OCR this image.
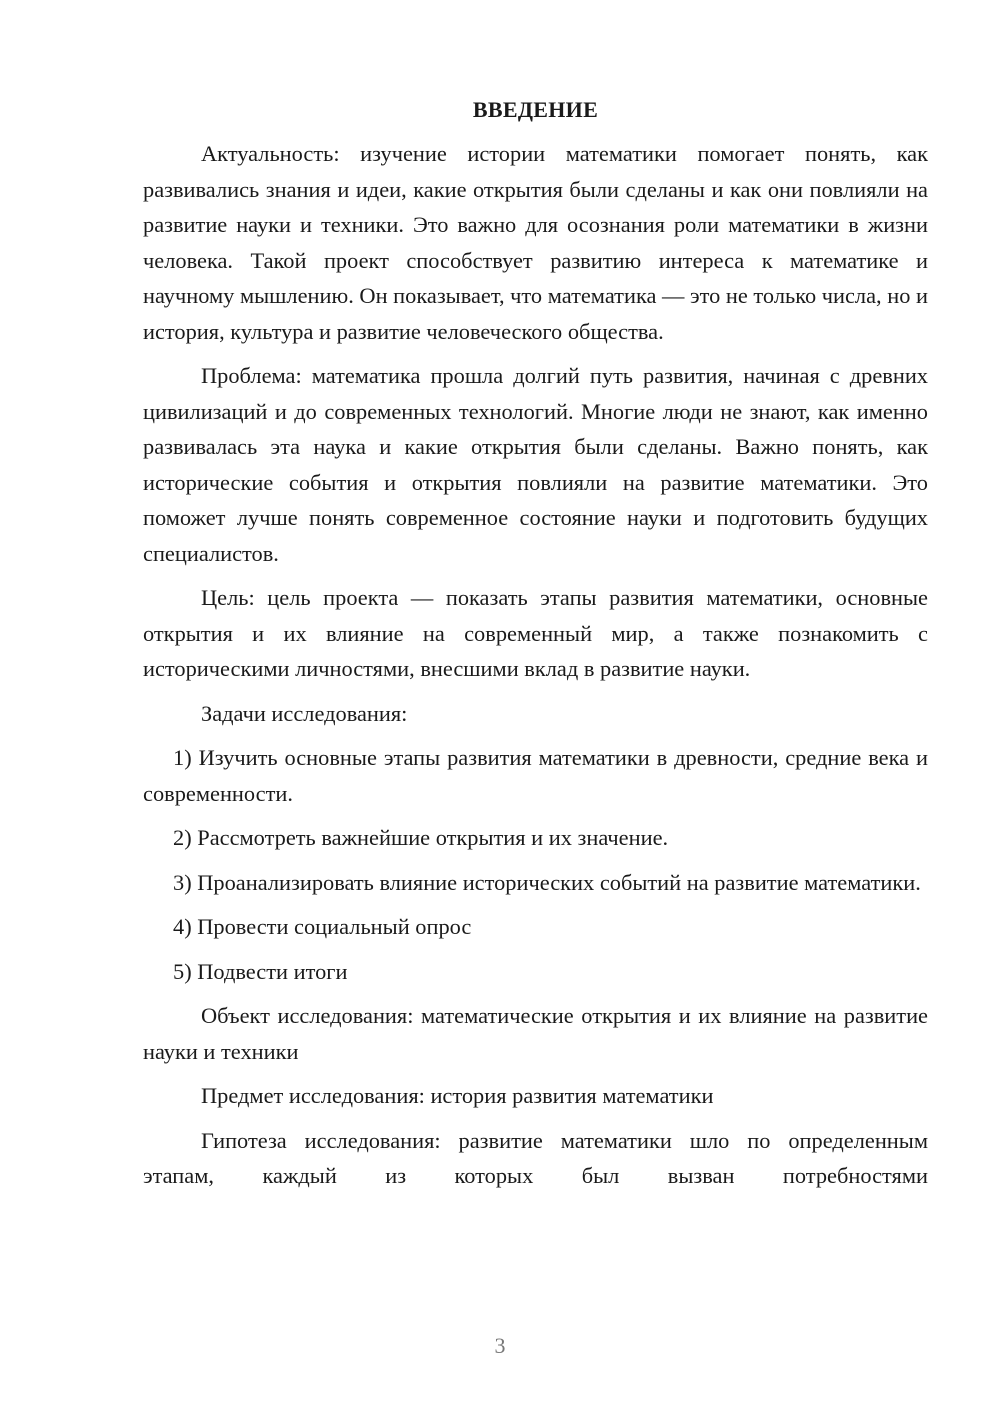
ВВЕДЕНИЕ

Актуальность: изучение истории математики помогает понять, как развивались знания и идеи, какие открытия были сделаны и как они повлияли на развитие науки и техники. Это важно для осознания роли математики в жизни человека. Такой проект способствует развитию интереса к математике и научному мышлению. Он показывает, что математика — это не только числа, но и история, культура и развитие человеческого общества.

Проблема: математика прошла долгий путь развития, начиная с древних цивилизаций и до современных технологий. Многие люди не знают, как именно развивалась эта наука и какие открытия были сделаны. Важно понять, как исторические события и открытия повлияли на развитие математики. Это поможет лучше понять современное состояние науки и подготовить будущих специалистов.

Цель: цель проекта — показать этапы развития математики, основные открытия и их влияние на современный мир, а также познакомить с историческими личностями, внесшими вклад в развитие науки.

Задачи исследования:

1) Изучить основные этапы развития математики в древности, средние века и современности.

2) Рассмотреть важнейшие открытия и их значение.

3) Проанализировать влияние исторических событий на развитие математики.

4) Провести социальный опрос

5) Подвести итоги

Объект исследования: математические открытия и их влияние на развитие науки и техники

Предмет исследования: история развития математики

Гипотеза исследования: развитие математики шло по определенным этапам, каждый из которых был вызван потребностями

3
